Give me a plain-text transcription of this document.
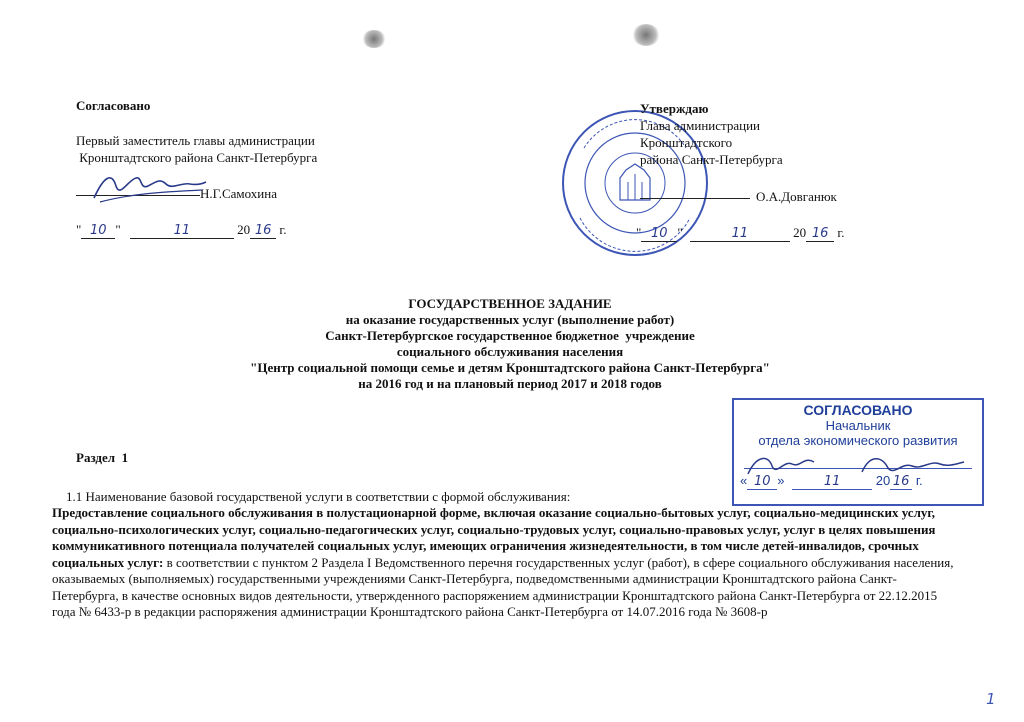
Согласовано
Первый заместитель главы администрации
Кронштадтского района Санкт-Петербурга
Н.Г.Самохина
" 10 "	11	20 16 г.
Утверждаю
Глава администрации
Кронштадтского
района Санкт-Петербурга
О.А.Довганюк
" 10 "	11	20 16 г.
ГОСУДАРСТВЕННОЕ ЗАДАНИЕ
на оказание государственных услуг (выполнение работ)
Санкт-Петербургское государственное бюджетное  учреждение
социального обслуживания населения
"Центр социальной помощи семье и детям Кронштадтского района Санкт-Петербурга"
на 2016 год и на плановый период 2017 и 2018 годов
СОГЛАСОВАНО
Начальник
отдела экономического развития
« 10 »	11	20 16 г.
Раздел  1
1.1 Наименование базовой государственой услуги в соответствии с формой обслуживания:
Предоставление социального обслуживания в полустационарной форме, включая оказание социально-бытовых услуг, социально-медицинских услуг, социально-психологических услуг, социально-педагогических услуг, социально-трудовых услуг, социально-правовых услуг, услуг в целях повышения коммуникативного потенциала получателей социальных услуг, имеющих ограничения жизнедеятельности, в том числе детей-инвалидов, срочных социальных услуг: в соответствии с пунктом 2 Раздела I Ведомственного перечня государственных услуг (работ), в сфере социального обслуживания населения, оказываемых (выполняемых) государственными учреждениями Санкт-Петербурга, подведомственными администрации Кронштадтского района Санкт-Петербурга, в качестве основных видов деятельности, утвержденного распоряжением администрации Кронштадтского района Санкт-Петербурга от 22.12.2015 года № 6433-р в редакции распоряжения администрации Кронштадтского района Санкт-Петербурга от 14.07.2016 года № 3608-р
1
